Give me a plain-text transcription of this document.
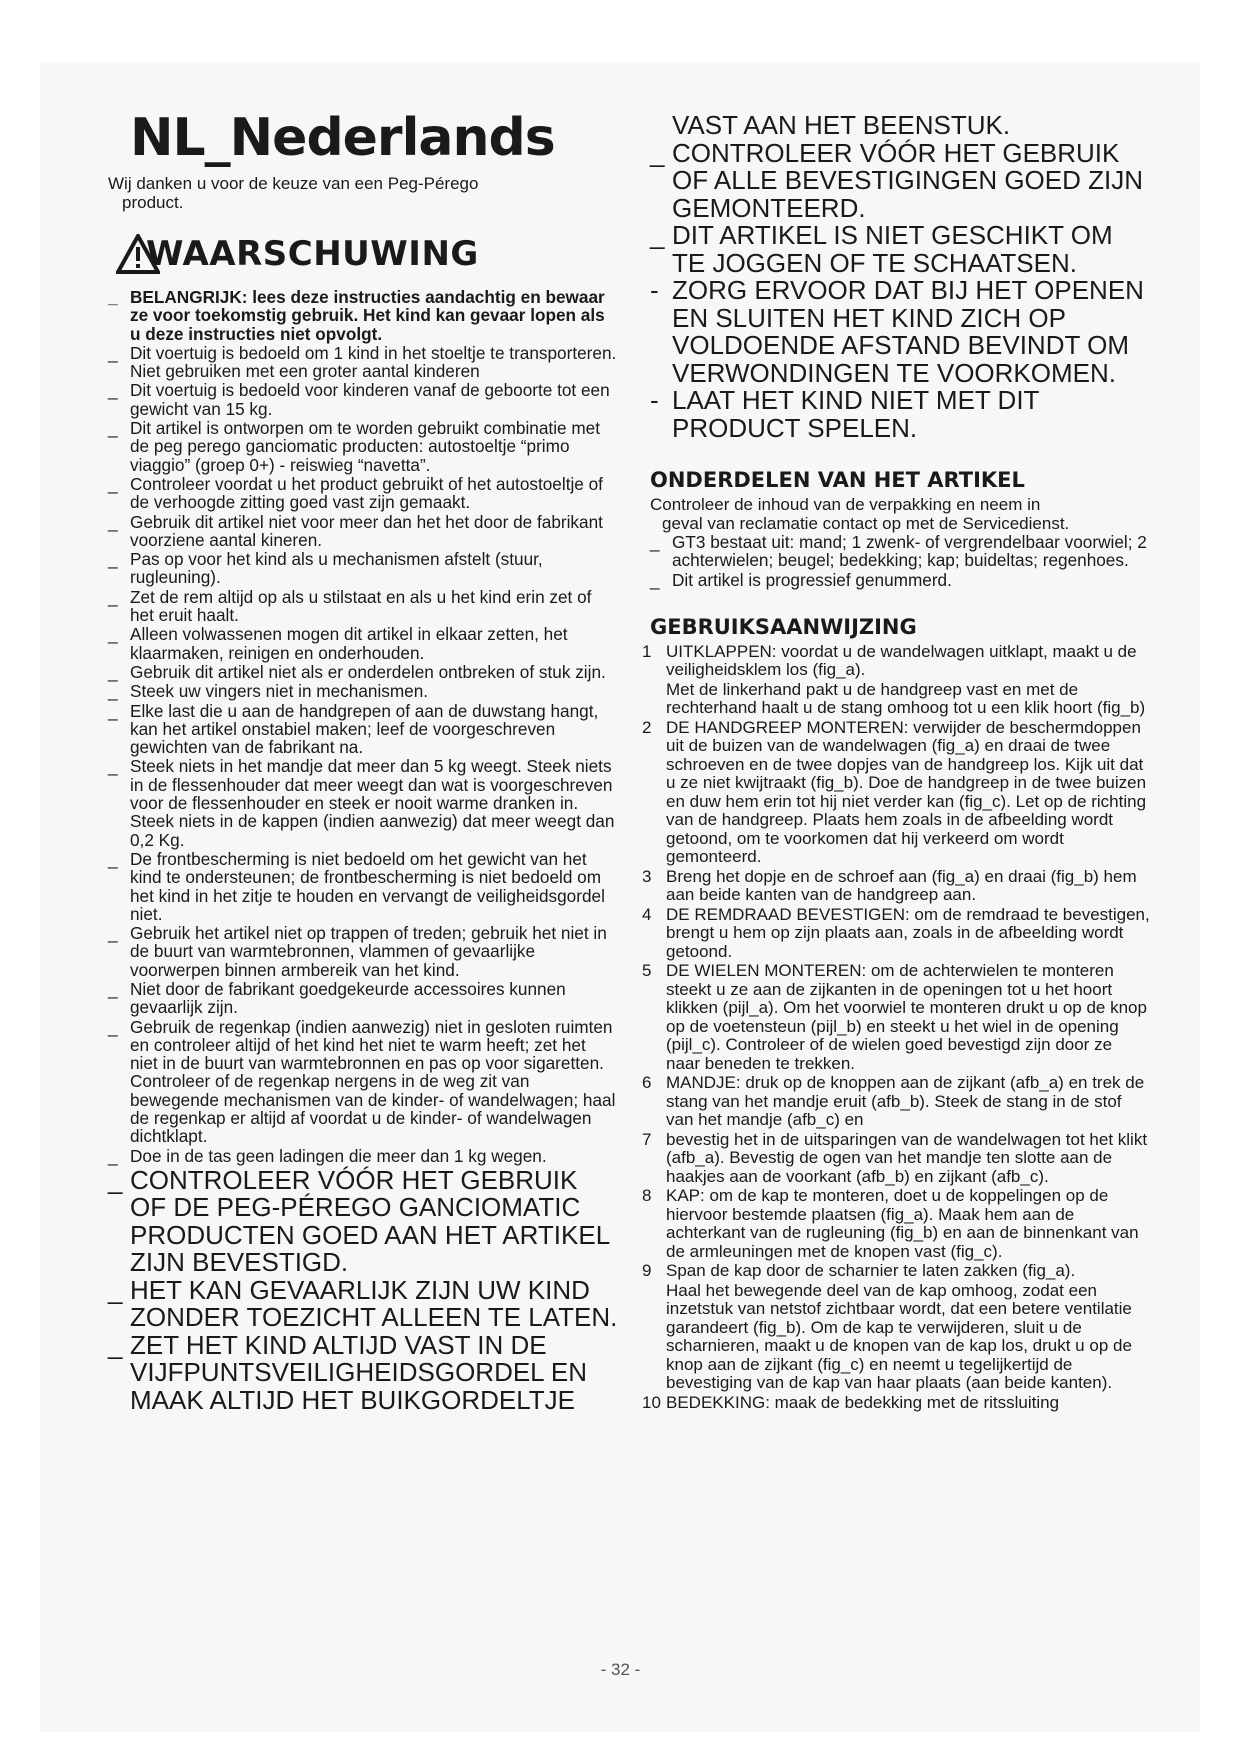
NL_Nederlands
Wij danken u voor de keuze van een Peg-Pérego
product.
WAARSCHUWING
_ BELANGRIJK: lees deze instructies aandachtig en bewaar ze voor toekomstig gebruik. Het kind kan gevaar lopen als u deze instructies niet opvolgt.
_ Dit voertuig is bedoeld om 1 kind in het stoeltje te transporteren. Niet gebruiken met een groter aantal kinderen
_ Dit voertuig is bedoeld voor kinderen vanaf de geboorte tot een gewicht van 15 kg.
_ Dit artikel is ontworpen om te worden gebruikt combinatie met de peg perego ganciomatic producten: autostoeltje “primo viaggio” (groep 0+) - reiswieg “navetta”.
_ Controleer voordat u het product gebruikt of het autostoeltje of de verhoogde zitting goed vast zijn gemaakt.
_ Gebruik dit artikel niet voor meer dan het het door de fabrikant voorziene aantal kineren.
_ Pas op voor het kind als u mechanismen afstelt (stuur, rugleuning).
_ Zet de rem altijd op als u stilstaat en als u het kind erin zet of het eruit haalt.
_ Alleen volwassenen mogen dit artikel in elkaar zetten, het klaarmaken, reinigen en onderhouden.
_ Gebruik dit artikel niet als er onderdelen ontbreken of stuk zijn.
_ Steek uw vingers niet in mechanismen.
_ Elke last die u aan de handgrepen of aan de duwstang hangt, kan het artikel onstabiel maken; leef de voorgeschreven gewichten van de fabrikant na.
_ Steek niets in het mandje dat meer dan 5 kg weegt. Steek niets in de flessenhouder dat meer weegt dan wat is voorgeschreven voor de flessenhouder en steek er nooit warme dranken in. Steek niets in de kappen (indien aanwezig) dat meer weegt dan 0,2 Kg.
_ De frontbescherming is niet bedoeld om het gewicht van het kind te ondersteunen; de frontbescherming is niet bedoeld om het kind in het zitje te houden en vervangt de veiligheidsgordel niet.
_ Gebruik het artikel niet op trappen of treden; gebruik het niet in de buurt van warmtebronnen, vlammen of gevaarlijke voorwerpen binnen armbereik van het kind.
_ Niet door de fabrikant goedgekeurde accessoires kunnen gevaarlijk zijn.
_ Gebruik de regenkap (indien aanwezig) niet in gesloten ruimten en controleer altijd of het kind het niet te warm heeft; zet het niet in de buurt van warmtebronnen en pas op voor sigaretten. Controleer of de regenkap nergens in de weg zit van bewegende mechanismen van de kinder- of wandelwagen; haal de regenkap er altijd af voordat u de kinder- of wandelwagen dichtklapt.
_ Doe in de tas geen ladingen die meer dan 1 kg wegen.
_ CONTROLEER VÓÓR HET GEBRUIK OF DE PEG-PÉREGO GANCIOMATIC PRODUCTEN GOED AAN HET ARTIKEL ZIJN BEVESTIGD.
_ HET KAN GEVAARLIJK ZIJN UW KIND ZONDER TOEZICHT ALLEEN TE LATEN.
_ ZET HET KIND ALTIJD VAST IN DE VIJFPUNTSVEILIGHEIDSGORDEL EN MAAK ALTIJD HET BUIKGORDELTJE

VAST AAN HET BEENSTUK.

_ CONTROLEER VÓÓR HET GEBRUIK OF ALLE BEVESTIGINGEN GOED ZIJN GEMONTEERD.
_ DIT ARTIKEL IS NIET GESCHIKT OM TE JOGGEN OF TE SCHAATSEN.
- ZORG ERVOOR DAT BIJ HET OPENEN EN SLUITEN HET KIND ZICH OP VOLDOENDE AFSTAND BEVINDT OM VERWONDINGEN TE VOORKOMEN.
- LAAT HET KIND NIET MET DIT PRODUCT SPELEN.
ONDERDELEN VAN HET ARTIKEL
Controleer de inhoud van de verpakking en neem in
geval van reclamatie contact op met de Servicedienst.
_ GT3 bestaat uit: mand; 1 zwenk- of vergrendelbaar voorwiel; 2 achterwielen; beugel; bedekking; kap; buideltas; regenhoes.
_ Dit artikel is progressief genummerd.
GEBRUIKSAANWIJZING
1 UITKLAPPEN: voordat u de wandelwagen uitklapt, maakt u de veiligheidsklem los (fig_a).
Met de linkerhand pakt u de handgreep vast en met de rechterhand haalt u de stang omhoog tot u een klik hoort (fig_b)
2 DE HANDGREEP MONTEREN: verwijder de beschermdoppen uit de buizen van de wandelwagen (fig_a) en draai de twee schroeven en de twee dopjes van de handgreep los. Kijk uit dat u ze niet kwijtraakt (fig_b). Doe de handgreep in de twee buizen en duw hem erin tot hij niet verder kan (fig_c). Let op de richting van de handgreep. Plaats hem zoals in de afbeelding wordt getoond, om te voorkomen dat hij verkeerd om wordt gemonteerd.
3 Breng het dopje en de schroef aan (fig_a) en draai (fig_b) hem aan beide kanten van de handgreep aan.
4 DE REMDRAAD BEVESTIGEN: om de remdraad te bevestigen, brengt u hem op zijn plaats aan, zoals in de afbeelding wordt getoond.
5 DE WIELEN MONTEREN: om de achterwielen te monteren steekt u ze aan de zijkanten in de openingen tot u het hoort klikken (pijl_a). Om het voorwiel te monteren drukt u op de knop op de voetensteun (pijl_b) en steekt u het wiel in de opening (pijl_c). Controleer of de wielen goed bevestigd zijn door ze naar beneden te trekken.
6 MANDJE: druk op de knoppen aan de zijkant (afb_a) en trek de stang van het mandje eruit (afb_b). Steek de stang in de stof van het mandje (afb_c) en
7 bevestig het in de uitsparingen van de wandelwagen tot het klikt (afb_a). Bevestig de ogen van het mandje ten slotte aan de haakjes aan de voorkant (afb_b) en zijkant (afb_c).
8 KAP: om de kap te monteren, doet u de koppelingen op de hiervoor bestemde plaatsen (fig_a). Maak hem aan de achterkant van de rugleuning (fig_b) en aan de binnenkant van de armleuningen met de knopen vast (fig_c).
9 Span de kap door de scharnier te laten zakken (fig_a).
Haal het bewegende deel van de kap omhoog, zodat een inzetstuk van netstof zichtbaar wordt, dat een betere ventilatie garandeert (fig_b). Om de kap te verwijderen, sluit u de scharnieren, maakt u de knopen van de kap los, drukt u op de knop aan de zijkant (fig_c) en neemt u tegelijkertijd de bevestiging van de kap van haar plaats (aan beide kanten).
10 BEDEKKING: maak de bedekking met de ritssluiting
- 32 -
